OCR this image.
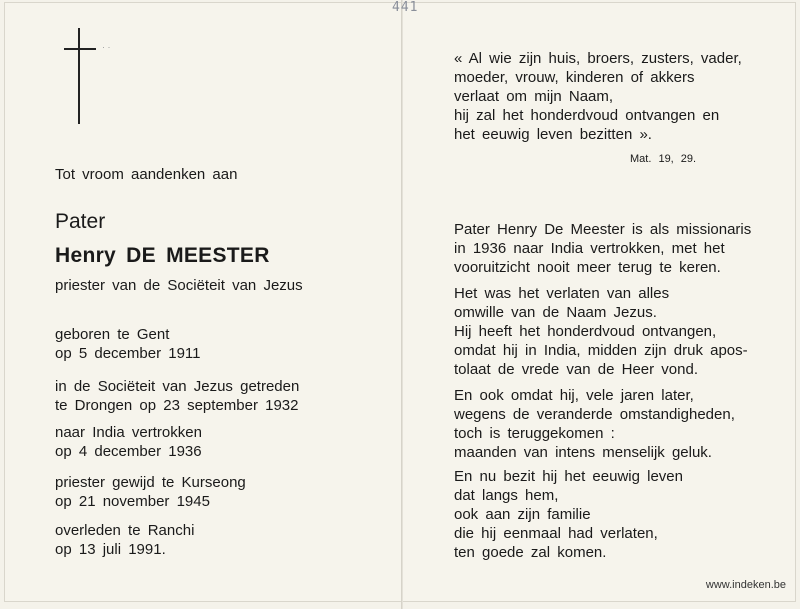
441
· ·
Tot vroom aandenken aan
Pater
Henry DE MEESTER
priester van de Sociëteit van Jezus
geboren te Gent
op 5 december 1911
in de Sociëteit van Jezus getreden
te Drongen op 23 september 1932
naar India vertrokken
op 4 december 1936
priester gewijd te Kurseong
op 21 november 1945
overleden te Ranchi
op 13 juli 1991.
« Al wie zijn huis, broers, zusters, vader,
moeder, vrouw, kinderen of akkers
verlaat om mijn Naam,
hij zal het honderdvoud ontvangen en
het eeuwig leven bezitten ».
Mat. 19, 29.
Pater Henry De Meester is als missionaris
in 1936 naar India vertrokken, met het
vooruitzicht nooit meer terug te keren.
Het was het verlaten van alles
omwille van de Naam Jezus.
Hij heeft het honderdvoud ontvangen,
omdat hij in India, midden zijn druk apos-
tolaat de vrede van de Heer vond.
En ook omdat hij, vele jaren later,
wegens de veranderde omstandigheden,
toch is teruggekomen :
maanden van intens menselijk geluk.
En nu bezit hij het eeuwig leven
dat langs hem,
ook aan zijn familie
die hij eenmaal had verlaten,
ten goede zal komen.
www.indeken.be
